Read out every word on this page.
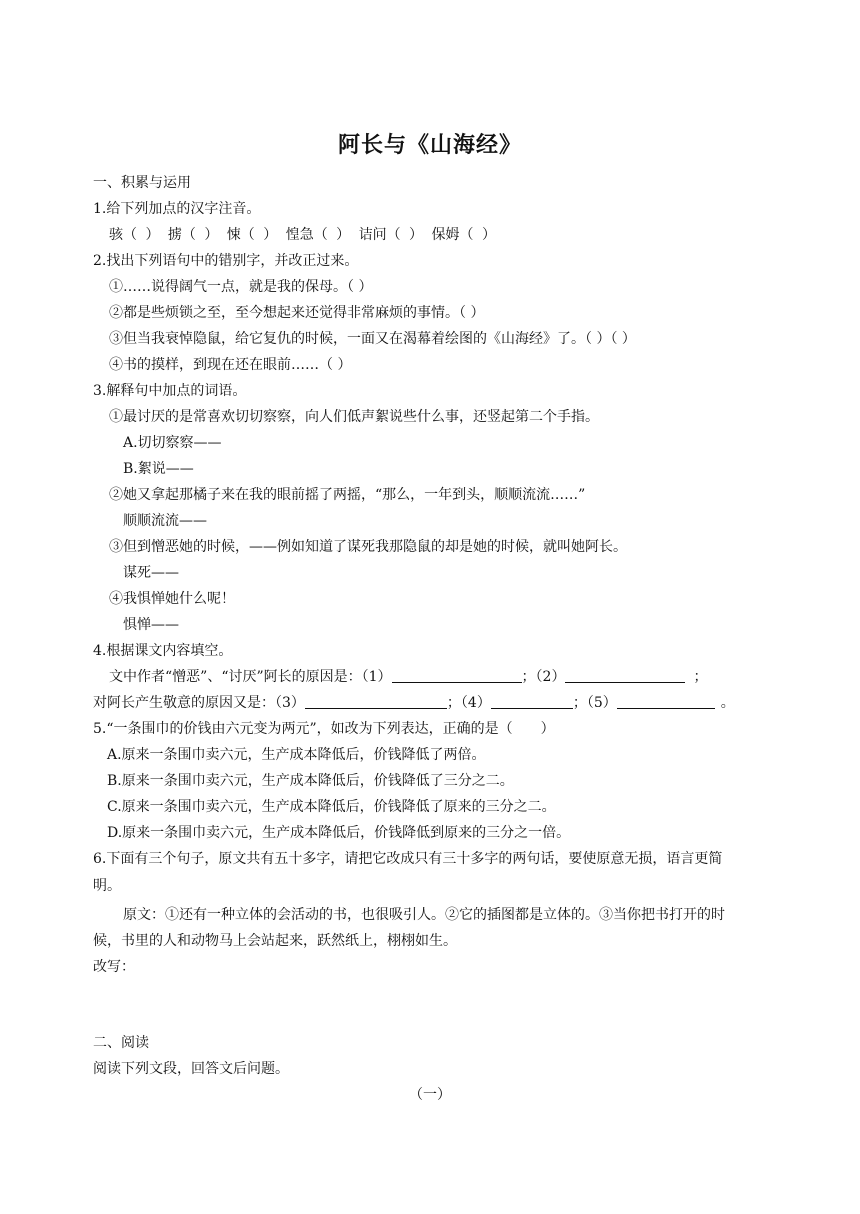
阿长与《山海经》
一、积累与运用
1.给下列加点的汉字注音。
骇（ ） 掳（ ） 悚（ ） 惶急（ ） 诘问（ ） 保姆（ ）
2.找出下列语句中的错别字，并改正过来。
①……说得阔气一点，就是我的保母。（ ）
②都是些烦锁之至，至今想起来还觉得非常麻烦的事情。（ ）
③但当我衰悼隐鼠，给它复仇的时候，一面又在渴幕着绘图的《山海经》了。（ ）（ ）
④书的摸样，到现在还在眼前……（ ）
3.解释句中加点的词语。
①最讨厌的是常喜欢切切察察，向人们低声絮说些什么事，还竖起第二个手指。
A.切切察察——
B.絮说——
②她又拿起那橘子来在我的眼前摇了两摇，“那么，一年到头，顺顺流流……”
顺顺流流——
③但到憎恶她的时候，——例如知道了谋死我那隐鼠的却是她的时候，就叫她阿长。
谋死——
④我惧惮她什么呢！
惧惮——
4.根据课文内容填空。
文中作者“憎恶”、“讨厌”阿长的原因是：（1）	；（2）	；
对阿长产生敬意的原因又是：（3）	；（4）	；（5）	。
5.“一条围巾的价钱由六元变为两元”，如改为下列表达，正确的是（　　）
A.原来一条围巾卖六元，生产成本降低后，价钱降低了两倍。
B.原来一条围巾卖六元，生产成本降低后，价钱降低了三分之二。
C.原来一条围巾卖六元，生产成本降低后，价钱降低了原来的三分之二。
D.原来一条围巾卖六元，生产成本降低后，价钱降低到原来的三分之一倍。
6.下面有三个句子，原文共有五十多字，请把它改成只有三十多字的两句话，要使原意无损，语言更简
明。
原文：①还有一种立体的会活动的书，也很吸引人。②它的插图都是立体的。③当你把书打开的时
候，书里的人和动物马上会站起来，跃然纸上，栩栩如生。
改写：
二、阅读
阅读下列文段，回答文后问题。
（一）
